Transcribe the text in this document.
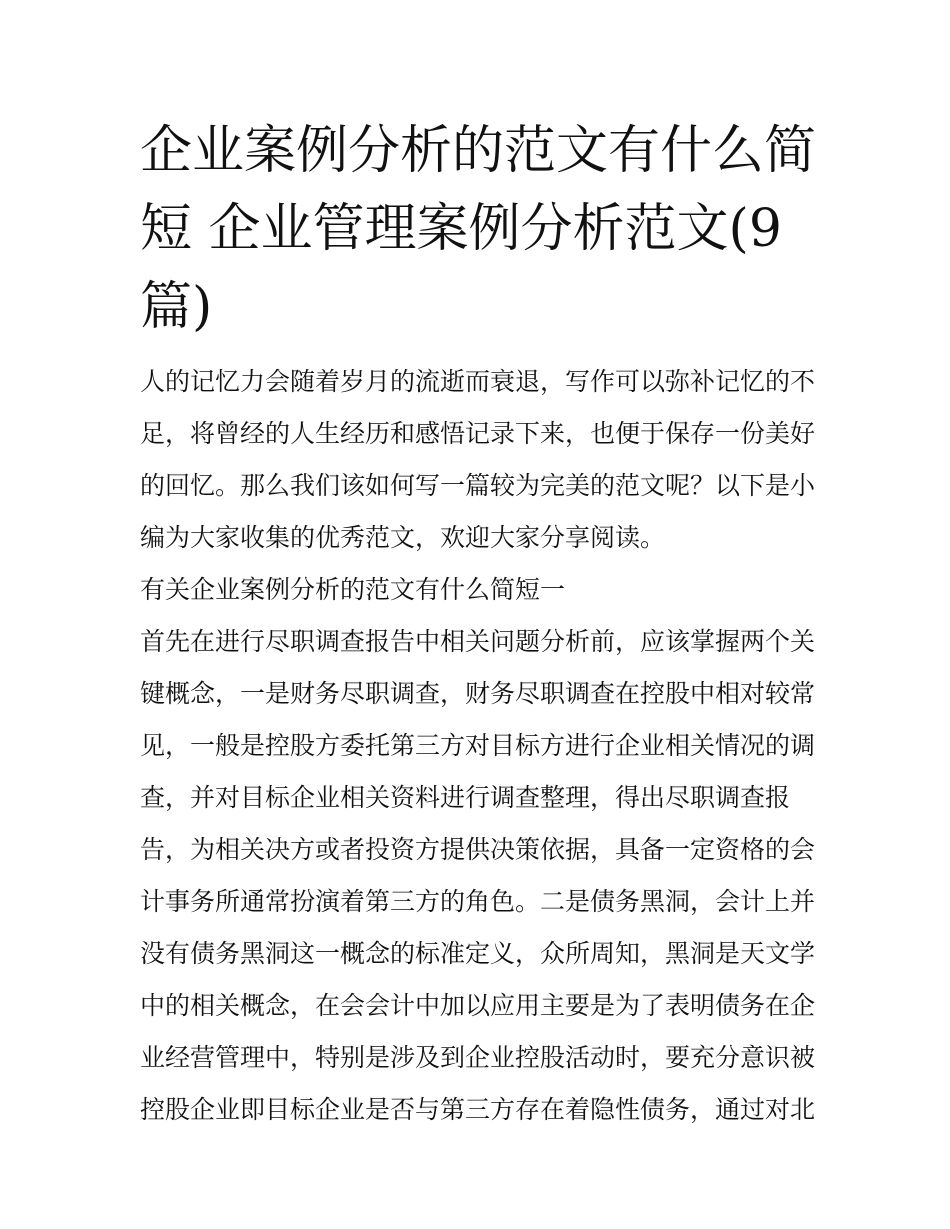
企业案例分析的范文有什么简
短 企业管理案例分析范文(9
篇)
人的记忆力会随着岁月的流逝而衰退，写作可以弥补记忆的不
足，将曾经的人生经历和感悟记录下来，也便于保存一份美好
的回忆。那么我们该如何写一篇较为完美的范文呢？以下是小
编为大家收集的优秀范文，欢迎大家分享阅读。
有关企业案例分析的范文有什么简短一
首先在进行尽职调查报告中相关问题分析前，应该掌握两个关
键概念，一是财务尽职调查，财务尽职调查在控股中相对较常
见，一般是控股方委托第三方对目标方进行企业相关情况的调
查，并对目标企业相关资料进行调查整理，得出尽职调查报
告，为相关决方或者投资方提供决策依据，具备一定资格的会
计事务所通常扮演着第三方的角色。二是债务黑洞，会计上并
没有债务黑洞这一概念的标准定义，众所周知，黑洞是天文学
中的相关概念，在会会计中加以应用主要是为了表明债务在企
业经营管理中，特别是涉及到企业控股活动时，要充分意识被
控股企业即目标企业是否与第三方存在着隐性债务，通过对北
